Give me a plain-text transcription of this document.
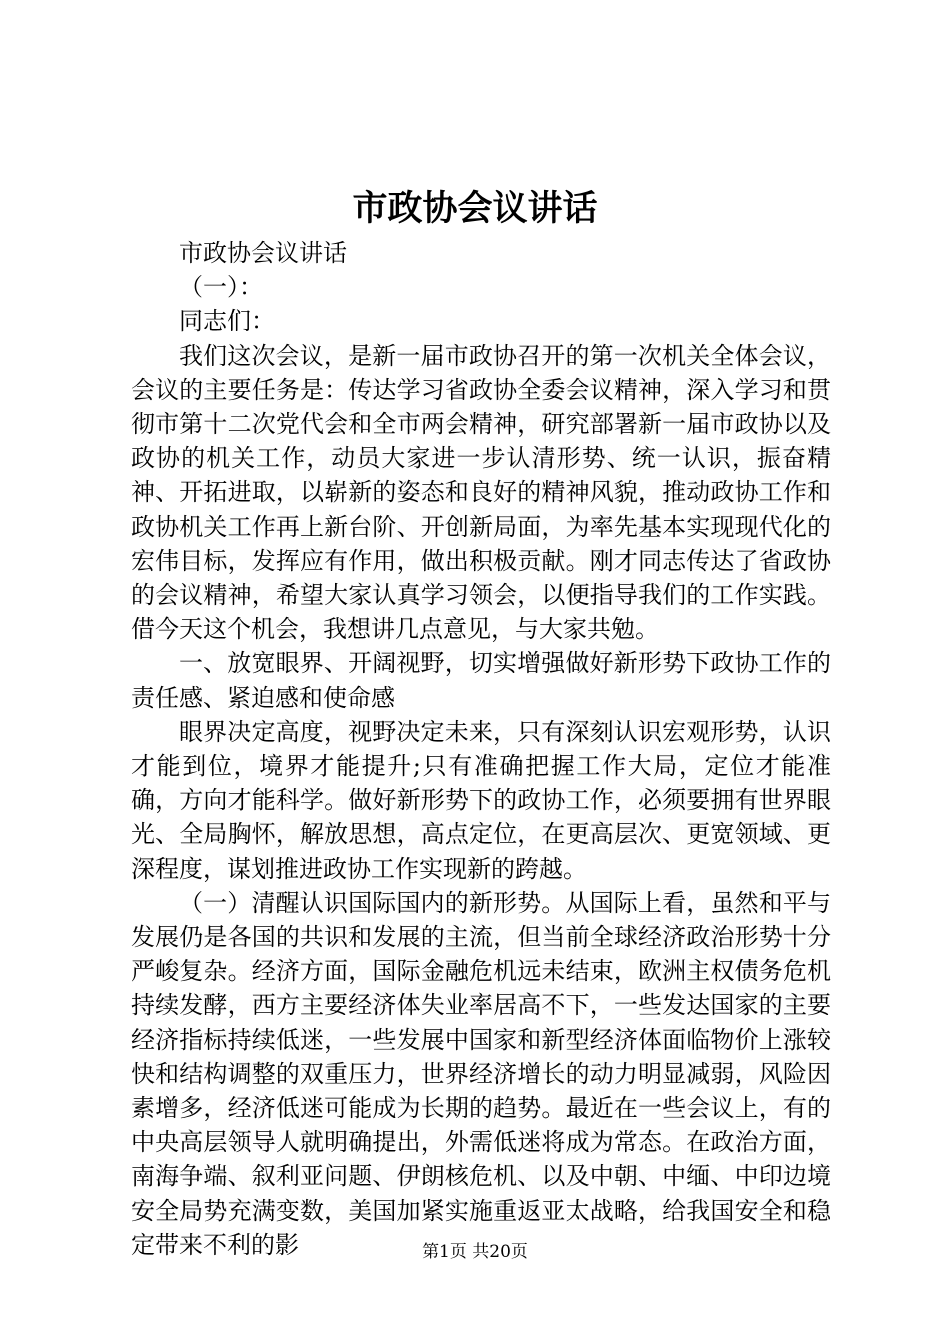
市政协会议讲话

市政协会议讲话

（一）：

同志们：

我们这次会议，是新一届市政协召开的第一次机关全体会议，会议的主要任务是：传达学习省政协全委会议精神，深入学习和贯彻市第十二次党代会和全市两会精神，研究部署新一届市政协以及政协的机关工作，动员大家进一步认清形势、统一认识，振奋精神、开拓进取，以崭新的姿态和良好的精神风貌，推动政协工作和政协机关工作再上新台阶、开创新局面，为率先基本实现现代化的宏伟目标，发挥应有作用，做出积极贡献。刚才同志传达了省政协的会议精神，希望大家认真学习领会，以便指导我们的工作实践。借今天这个机会，我想讲几点意见，与大家共勉。

一、放宽眼界、开阔视野，切实增强做好新形势下政协工作的责任感、紧迫感和使命感

眼界决定高度，视野决定未来，只有深刻认识宏观形势，认识才能到位，境界才能提升;只有准确把握工作大局，定位才能准确，方向才能科学。做好新形势下的政协工作，必须要拥有世界眼光、全局胸怀，解放思想，高点定位，在更高层次、更宽领域、更深程度，谋划推进政协工作实现新的跨越。

（一）清醒认识国际国内的新形势。从国际上看，虽然和平与发展仍是各国的共识和发展的主流，但当前全球经济政治形势十分严峻复杂。经济方面，国际金融危机远未结束，欧洲主权债务危机持续发酵，西方主要经济体失业率居高不下，一些发达国家的主要经济指标持续低迷，一些发展中国家和新型经济体面临物价上涨较快和结构调整的双重压力，世界经济增长的动力明显减弱，风险因素增多，经济低迷可能成为长期的趋势。最近在一些会议上，有的中央高层领导人就明确提出，外需低迷将成为常态。在政治方面，南海争端、叙利亚问题、伊朗核危机、以及中朝、中缅、中印边境安全局势充满变数，美国加紧实施重返亚太战略，给我国安全和稳定带来不利的影	第1页 共20页
